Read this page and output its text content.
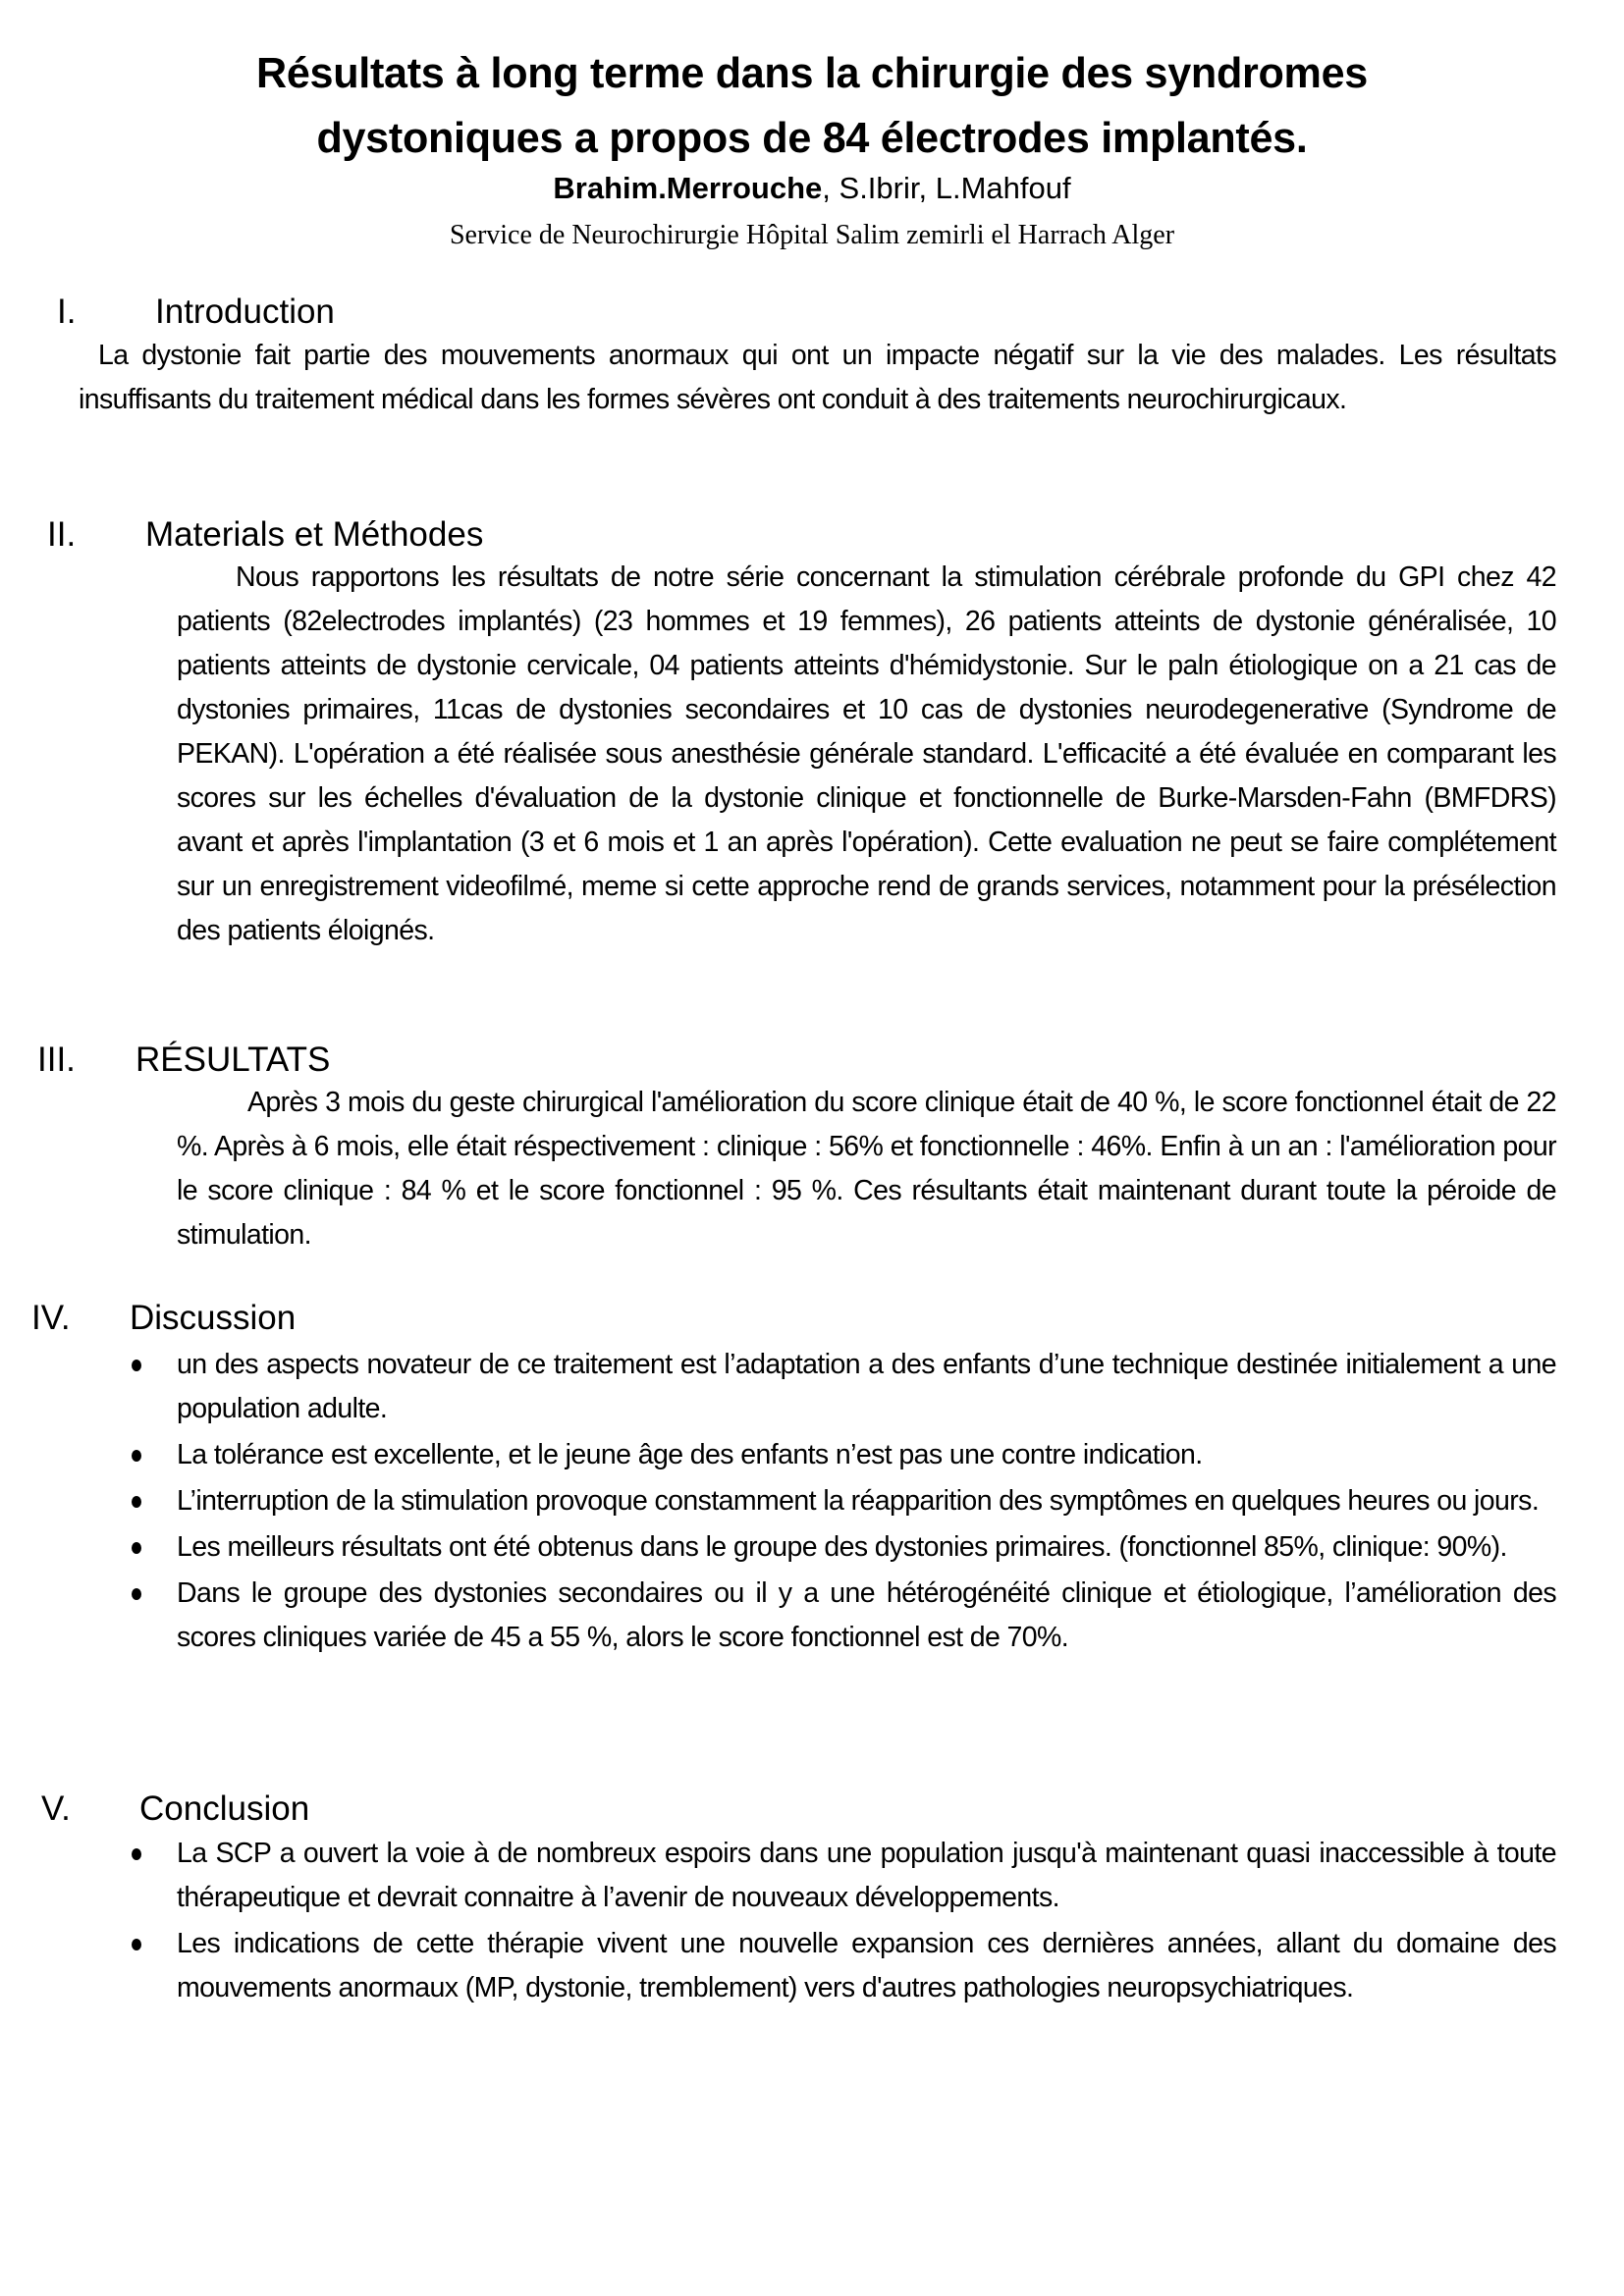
Résultats à long terme dans la chirurgie des syndromes
dystoniques a propos de 84 électrodes implantés.
Brahim.Merrouche, S.Ibrir, L.Mahfouf
Service de Neurochirurgie Hôpital Salim zemirli el Harrach Alger
I. Introduction

La dystonie fait partie des mouvements anormaux qui ont un impacte négatif sur la vie des malades. Les résultats insuffisants du traitement médical dans les formes sévères ont conduit à des traitements neurochirurgicaux.

II. Materials et Méthodes

Nous rapportons les résultats de notre série concernant la stimulation cérébrale profonde du GPI chez 42 patients (82electrodes implantés) (23 hommes et 19 femmes), 26 patients atteints de dystonie généralisée, 10 patients atteints de dystonie cervicale, 04 patients atteints d'hémidystonie. Sur le paln étiologique on a 21 cas de dystonies primaires, 11cas de dystonies secondaires et 10 cas de dystonies neurodegenerative (Syndrome de PEKAN). L'opération a été réalisée sous anesthésie générale standard. L'efficacité a été évaluée en comparant les scores sur les échelles d'évaluation de la dystonie clinique et fonctionnelle de Burke-Marsden-Fahn (BMFDRS) avant et après l'implantation (3 et 6 mois et 1 an après l'opération). Cette evaluation ne peut se faire complétement sur un enregistrement videofilmé, meme si cette approche rend de grands services, notamment pour la présélection des patients éloignés.

III. RÉSULTATS

Après 3 mois du geste chirurgical l'amélioration du score clinique était de 40 %, le score fonctionnel était de 22 %. Après à 6 mois, elle était réspectivement : clinique : 56% et fonctionnelle : 46%. Enfin à un an : l'amélioration pour le score clinique : 84 % et le score fonctionnel : 95 %. Ces résultants était maintenant durant toute la péroide de stimulation.

IV. Discussion
un des aspects novateur de ce traitement est l’adaptation a des enfants d’une technique destinée initialement a une population adulte.
La tolérance est excellente, et le jeune âge des enfants n’est pas une contre indication.
L’interruption de la stimulation provoque constamment la réapparition des symptômes en quelques heures ou jours.
Les meilleurs résultats ont été obtenus dans le groupe des dystonies primaires. (fonctionnel 85%, clinique: 90%).
Dans le groupe des dystonies secondaires ou il y a une hétérogénéité clinique et étiologique, l’amélioration des scores cliniques variée de 45 a 55 %, alors le score fonctionnel est de 70%.
V. Conclusion
La SCP a ouvert la voie à de nombreux espoirs dans une population jusqu'à maintenant quasi inaccessible à toute thérapeutique et devrait connaitre à l’avenir de nouveaux développements.
Les indications de cette thérapie vivent une nouvelle expansion ces dernières années, allant du domaine des mouvements anormaux (MP, dystonie, tremblement) vers d'autres pathologies neuropsychiatriques.
